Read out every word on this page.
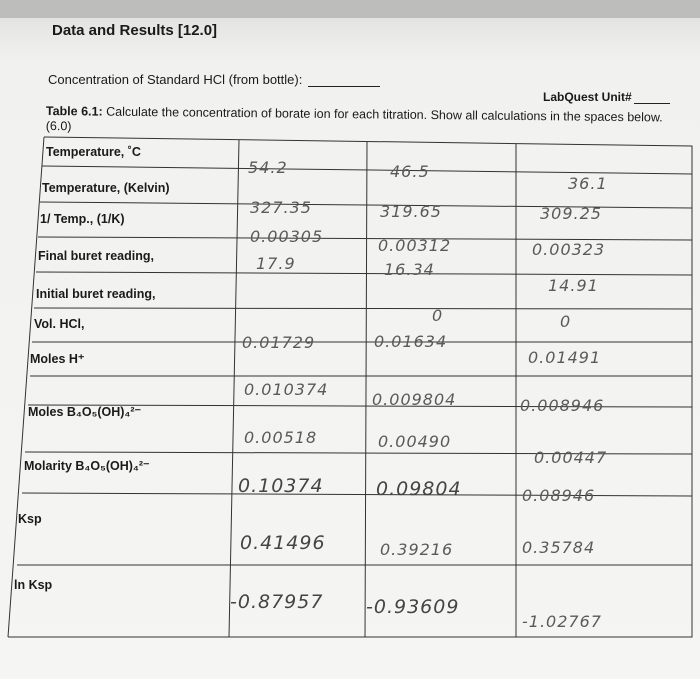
Data and Results [12.0]
Concentration of Standard HCl (from bottle):
LabQuest Unit#
Table 6.1: Calculate the concentration of borate ion for each titration. Show all calculations in the spaces below. (6.0)
Temperature, ˚C
Temperature, (Kelvin)
1/ Temp., (1/K)
Final buret reading,
Initial buret reading,
Vol. HCl,
Moles H⁺
Moles B₄O₅(OH)₄²⁻
Molarity B₄O₅(OH)₄²⁻
Ksp
ln Ksp
54.2
327.35
0.00305
17.9
0.01729
0.010374
0.00518
0.10374
0.41496
-0.87957
46.5
319.65
0.00312
16.34
0
0.01634
0.009804
0.00490
0.09804
0.39216
-0.93609
36.1
309.25
0.00323
14.91
0
0.01491
0.008946
0.00447
0.08946
0.35784
-1.02767
